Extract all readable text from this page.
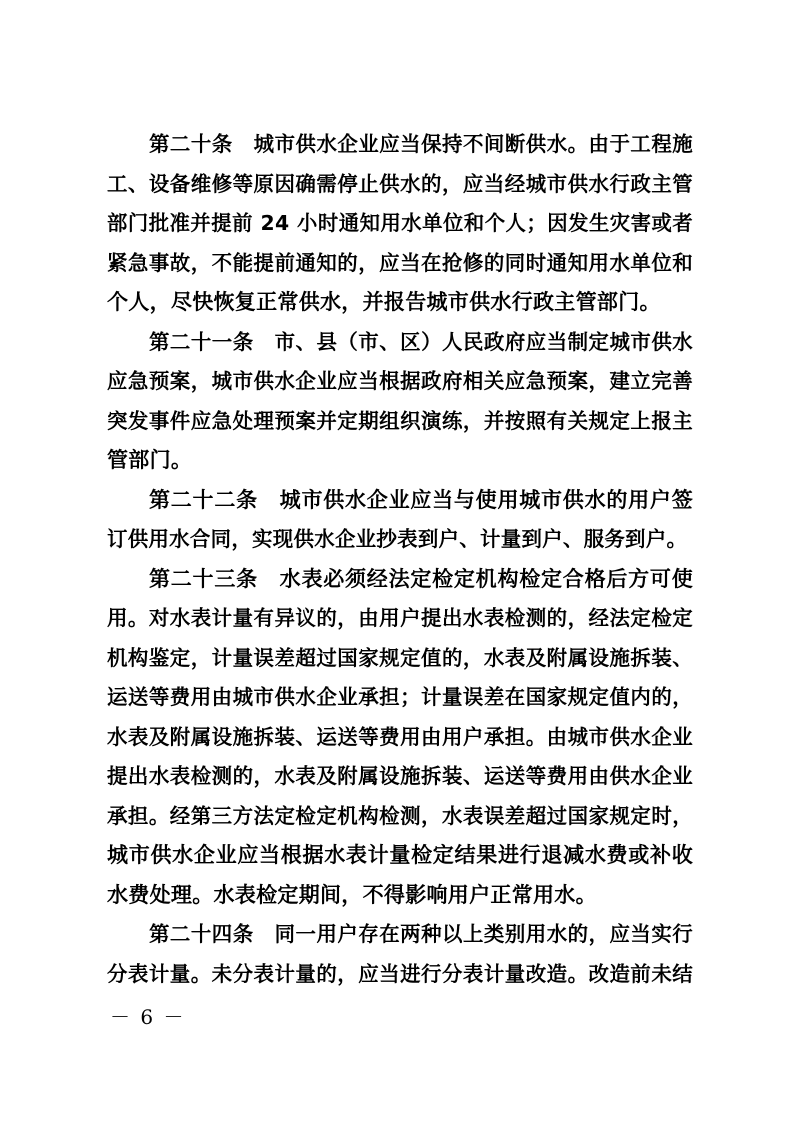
第二十条　城市供水企业应当保持不间断供水。由于工程施
工、设备维修等原因确需停止供水的，应当经城市供水行政主管
部门批准并提前 24 小时通知用水单位和个人；因发生灾害或者
紧急事故，不能提前通知的，应当在抢修的同时通知用水单位和
个人，尽快恢复正常供水，并报告城市供水行政主管部门。
第二十一条　市、县（市、区）人民政府应当制定城市供水
应急预案，城市供水企业应当根据政府相关应急预案，建立完善
突发事件应急处理预案并定期组织演练，并按照有关规定上报主
管部门。
第二十二条　城市供水企业应当与使用城市供水的用户签
订供用水合同，实现供水企业抄表到户、计量到户、服务到户。
第二十三条　水表必须经法定检定机构检定合格后方可使
用。对水表计量有异议的，由用户提出水表检测的，经法定检定
机构鉴定，计量误差超过国家规定值的，水表及附属设施拆装、
运送等费用由城市供水企业承担；计量误差在国家规定值内的，
水表及附属设施拆装、运送等费用由用户承担。由城市供水企业
提出水表检测的，水表及附属设施拆装、运送等费用由供水企业
承担。经第三方法定检定机构检测，水表误差超过国家规定时，
城市供水企业应当根据水表计量检定结果进行退减水费或补收
水费处理。水表检定期间，不得影响用户正常用水。
第二十四条　同一用户存在两种以上类别用水的，应当实行
分表计量。未分表计量的，应当进行分表计量改造。改造前未结
－ 6 －
